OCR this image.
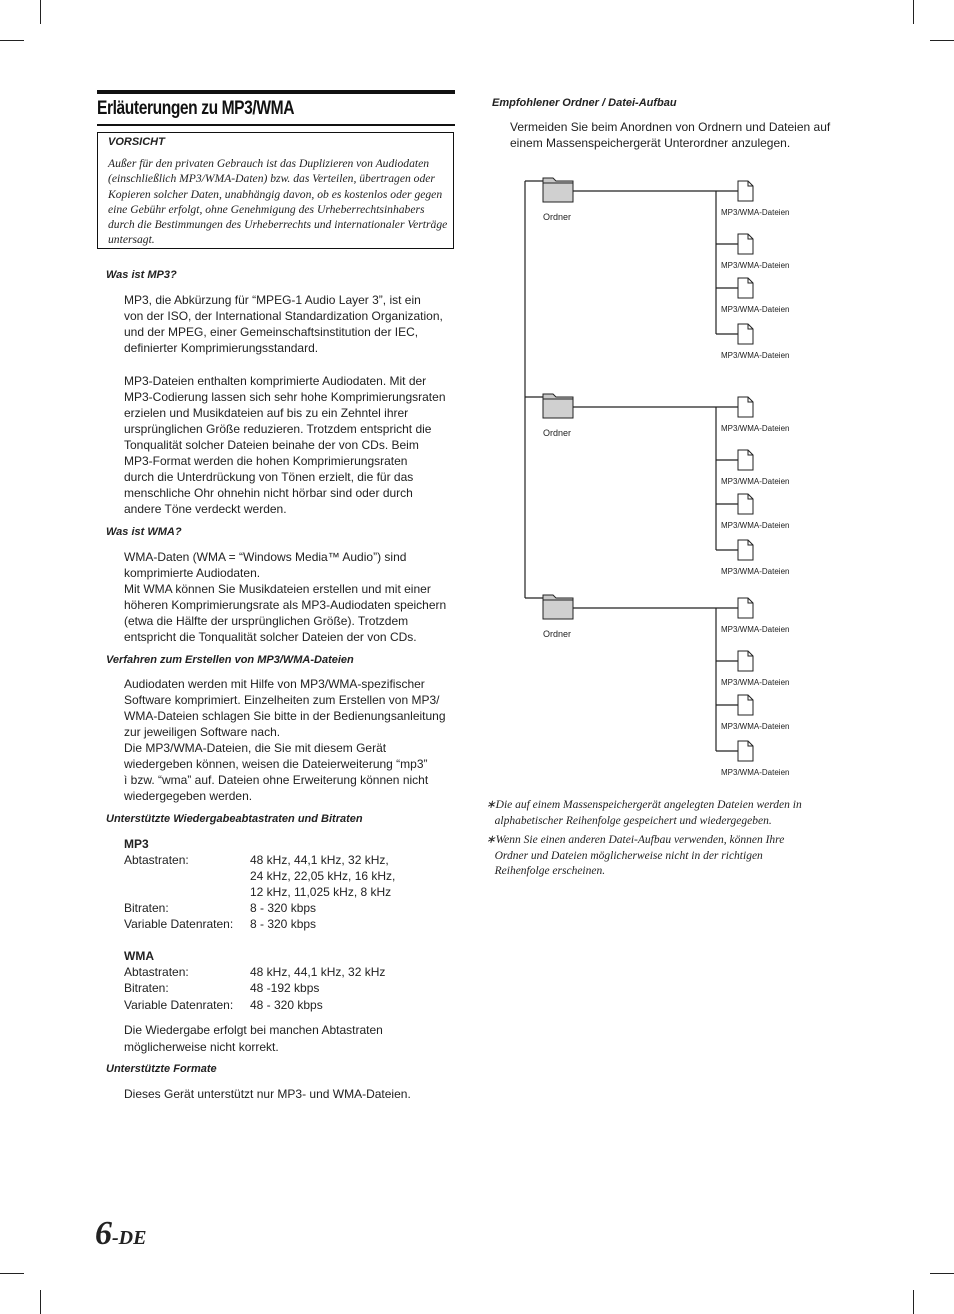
Erläuterungen zu MP3/WMA
VORSICHT
Außer für den privaten Gebrauch ist das Duplizieren von Audiodaten (einschließlich MP3/WMA-Daten) bzw. das Verteilen, übertragen oder Kopieren solcher Daten, unabhängig davon, ob es kostenlos oder gegen eine Gebühr erfolgt, ohne Genehmigung des Urheberrechtsinhabers durch die Bestimmungen des Urheberrechts und internationaler Verträge untersagt.
Was ist MP3?
MP3, die Abkürzung für “MPEG-1 Audio Layer 3”, ist ein
von der ISO, der International Standardization Organization,
und der MPEG, einer Gemeinschaftsinstitution der IEC,
definierter Komprimierungsstandard.
MP3-Dateien enthalten komprimierte Audiodaten. Mit der
MP3-Codierung lassen sich sehr hohe Komprimierungsraten
erzielen und Musikdateien auf bis zu ein Zehntel ihrer
ursprünglichen Größe reduzieren. Trotzdem entspricht die
Tonqualität solcher Dateien beinahe der von CDs. Beim
MP3-Format werden die hohen Komprimierungsraten
durch die Unterdrückung von Tönen erzielt, die für das
menschliche Ohr ohnehin nicht hörbar sind oder durch
andere Töne verdeckt werden.
Was ist WMA?
WMA-Daten (WMA = “Windows Media™ Audio”) sind
komprimierte Audiodaten.
Mit WMA können Sie Musikdateien erstellen und mit einer
höheren Komprimierungsrate als MP3-Audiodaten speichern
(etwa die Hälfte der ursprünglichen Größe). Trotzdem
entspricht die Tonqualität solcher Dateien der von CDs.
Verfahren zum Erstellen von MP3/WMA-Dateien
Audiodaten werden mit Hilfe von MP3/WMA-spezifischer
Software komprimiert. Einzelheiten zum Erstellen von MP3/
WMA-Dateien schlagen Sie bitte in der Bedienungsanleitung
zur jeweiligen Software nach.
Die MP3/WMA-Dateien, die Sie mit diesem Gerät
wiedergeben können, weisen die Dateierweiterung “mp3”
ì bzw. “wma” auf. Dateien ohne Erweiterung können nicht
wiedergegeben werden.
Unterstützte Wiedergabeabtastraten und Bitraten
MP3
Abtastraten:	48 kHz, 44,1 kHz, 32 kHz,
24 kHz, 22,05 kHz, 16 kHz,
12 kHz, 11,025 kHz, 8 kHz
Bitraten:	8 - 320 kbps
Variable Datenraten: 8 - 320 kbps
WMA
Abtastraten:	48 kHz, 44,1 kHz, 32 kHz
Bitraten:	48 -192 kbps
Variable Datenraten: 48 - 320 kbps
Die Wiedergabe erfolgt bei manchen Abtastraten
möglicherweise nicht korrekt.
Unterstützte Formate
Dieses Gerät unterstützt nur MP3- und WMA-Dateien.
Empfohlener Ordner / Datei-Aufbau
Vermeiden Sie beim Anordnen von Ordnern und Dateien auf
einem Massenspeichergerät Unterordner anzulegen.
Ordner	MP3/WMA-Dateien
MP3/WMA-Dateien
MP3/WMA-Dateien
MP3/WMA-Dateien
Ordner	MP3/WMA-Dateien
MP3/WMA-Dateien
MP3/WMA-Dateien
MP3/WMA-Dateien
Ordner	MP3/WMA-Dateien
MP3/WMA-Dateien
MP3/WMA-Dateien
MP3/WMA-Dateien
∗Die auf einem Massenspeichergerät angelegten Dateien werden in
alphabetischer Reihenfolge gespeichert und wiedergegeben.
∗Wenn Sie einen anderen Datei-Aufbau verwenden, können Ihre
Ordner und Dateien möglicherweise nicht in der richtigen
Reihenfolge erscheinen.
6-DE
